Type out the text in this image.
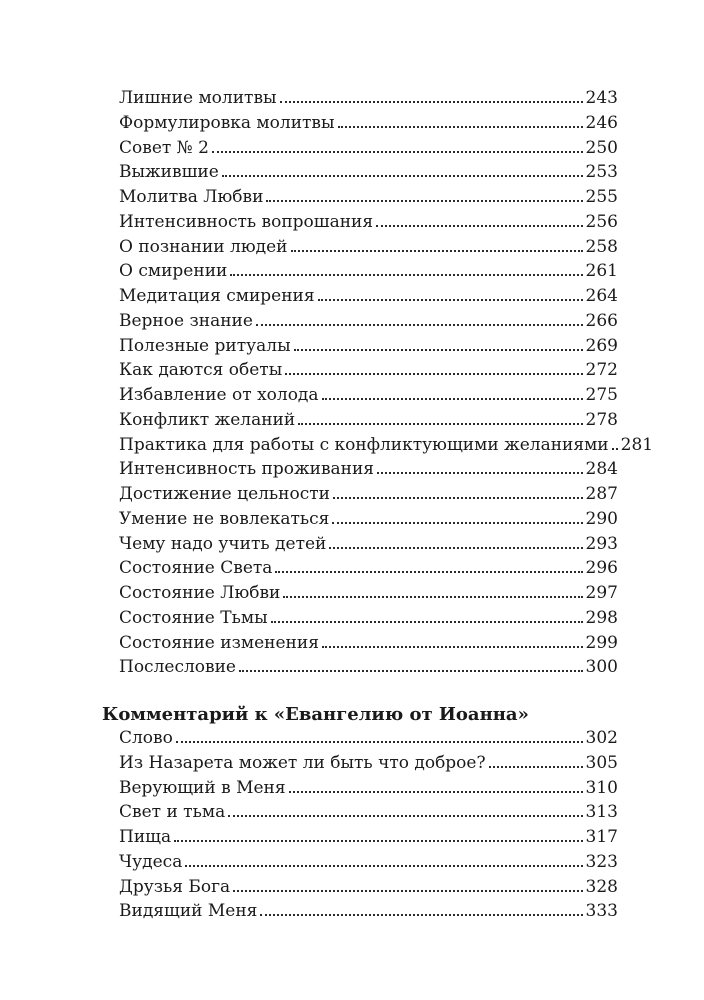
Лишние молитвы	243
Формулировка молитвы	246
Совет № 2	250
Выжившие	253
Молитва Любви	255
Интенсивность вопрошания	256
О познании людей	258
О смирении	261
Медитация смирения	264
Верное знание	266
Полезные ритуалы	269
Как даются обеты	272
Избавление от холода	275
Конфликт желаний	278
Практика для работы с конфликтующими желаниями 281
Интенсивность проживания	284
Достижение цельности	287
Умение не вовлекаться	290
Чему надо учить детей	293
Состояние Света	296
Состояние Любви	297
Состояние Тьмы	298
Состояние изменения	299
Послесловие	300
Комментарий к «Евангелию от Иоанна»
Слово	302
Из Назарета может ли быть что доброе?	305
Верующий в Меня	310
Свет и тьма	313
Пища	317
Чудеса	323
Друзья Бога	328
Видящий Меня	333
